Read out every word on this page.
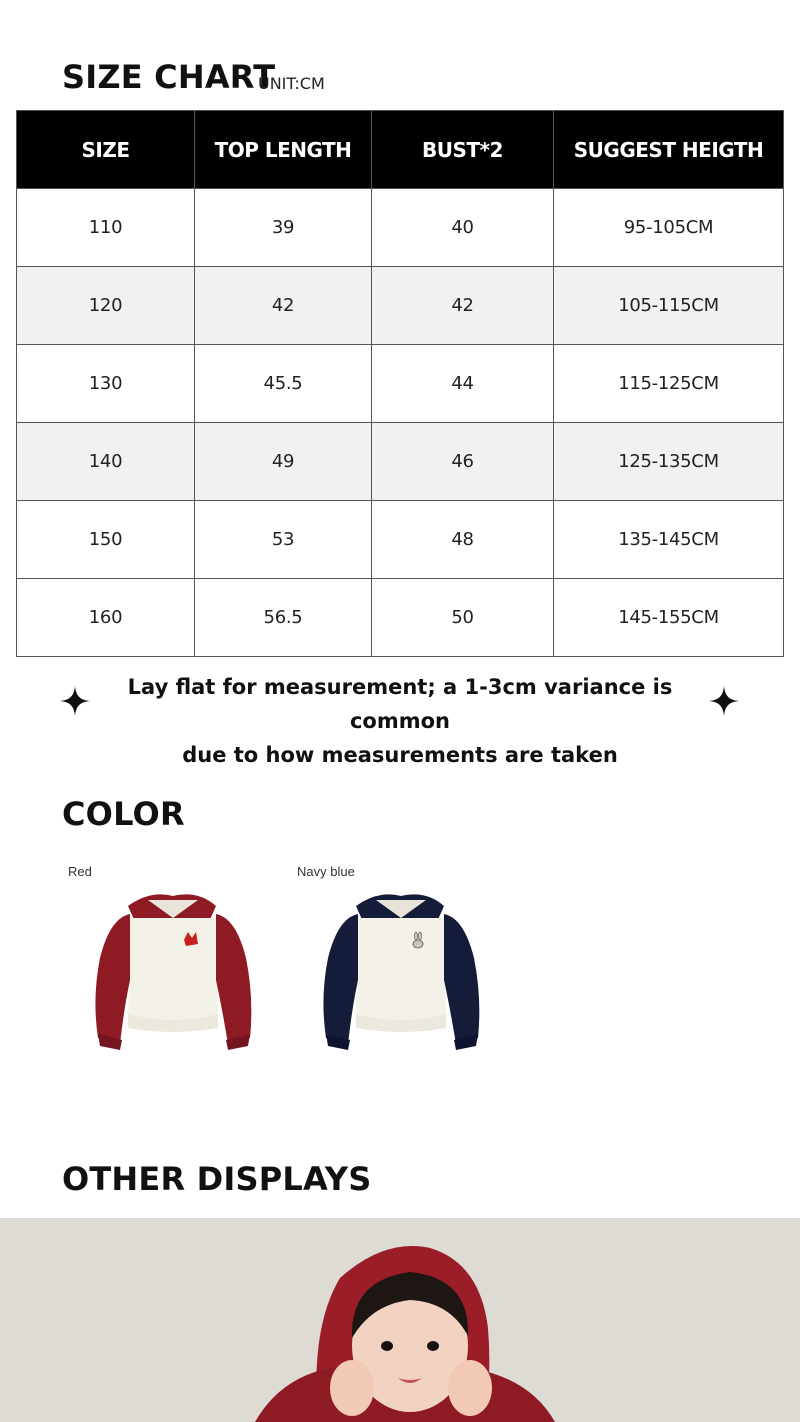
SIZE CHART
UNIT:CM
SIZE	TOP LENGTH	BUST*2	SUGGEST HEIGTH
110	39	40	95-105CM
120	42	42	105-115CM
130	45.5	44	115-125CM
140	49	46	125-135CM
150	53	48	135-145CM
160	56.5	50	145-155CM
Lay flat for measurement; a 1-3cm variance is common
due to how measurements are taken
COLOR
Red	Navy blue
OTHER DISPLAYS
